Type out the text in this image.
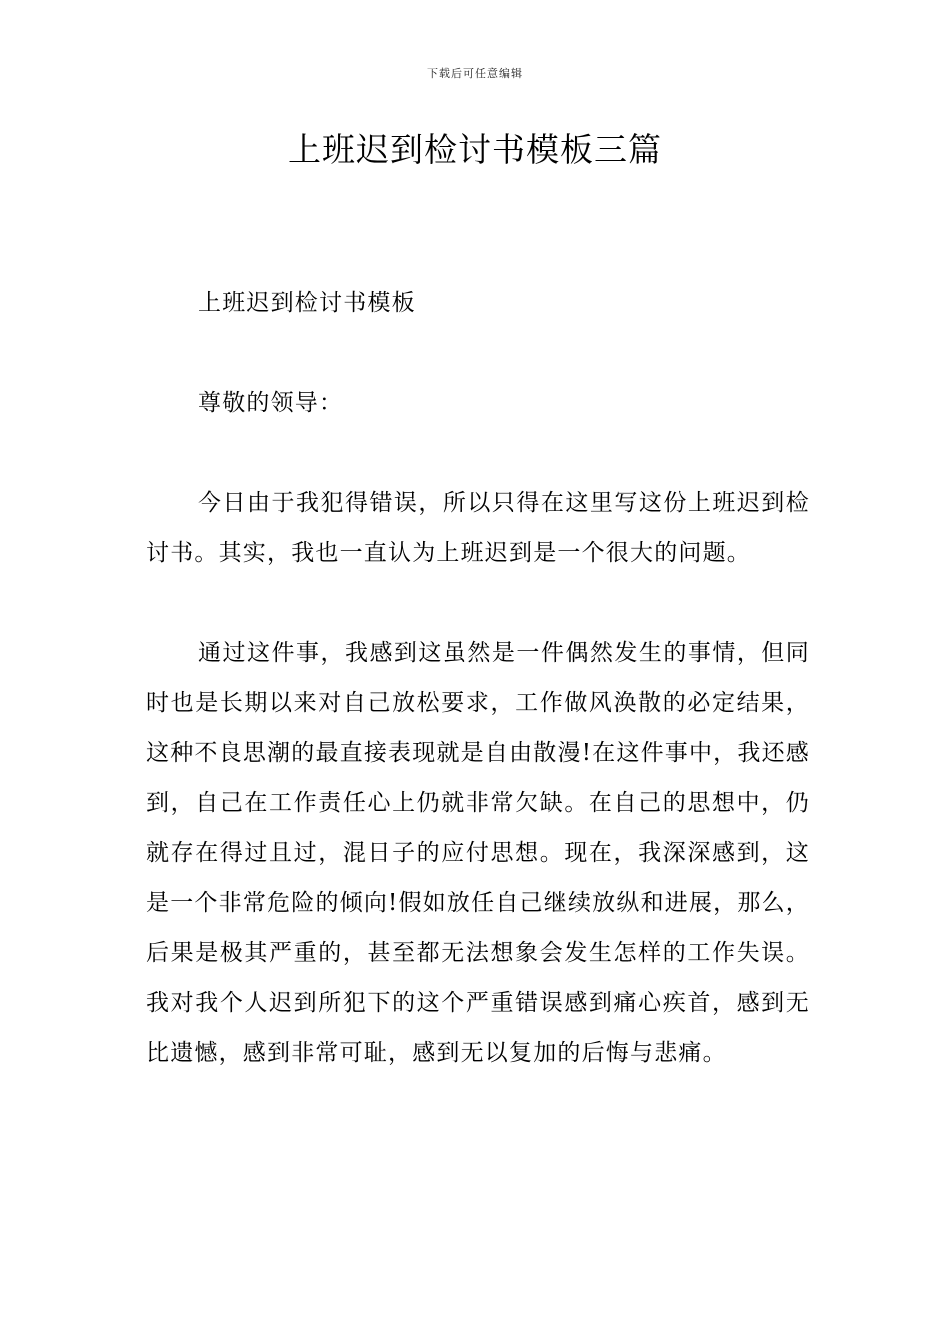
下载后可任意编辑
上班迟到检讨书模板三篇

上班迟到检讨书模板

尊敬的领导：

今日由于我犯得错误，所以只得在这里写这份上班迟到检讨书。其实，我也一直认为上班迟到是一个很大的问题。

通过这件事，我感到这虽然是一件偶然发生的事情，但同时也是长期以来对自己放松要求，工作做风涣散的必定结果，这种不良思潮的最直接表现就是自由散漫!在这件事中，我还感到，自己在工作责任心上仍就非常欠缺。在自己的思想中，仍就存在得过且过，混日子的应付思想。现在，我深深感到，这是一个非常危险的倾向!假如放任自己继续放纵和进展，那么，后果是极其严重的，甚至都无法想象会发生怎样的工作失误。我对我个人迟到所犯下的这个严重错误感到痛心疾首，感到无比遗憾，感到非常可耻，感到无以复加的后悔与悲痛。
